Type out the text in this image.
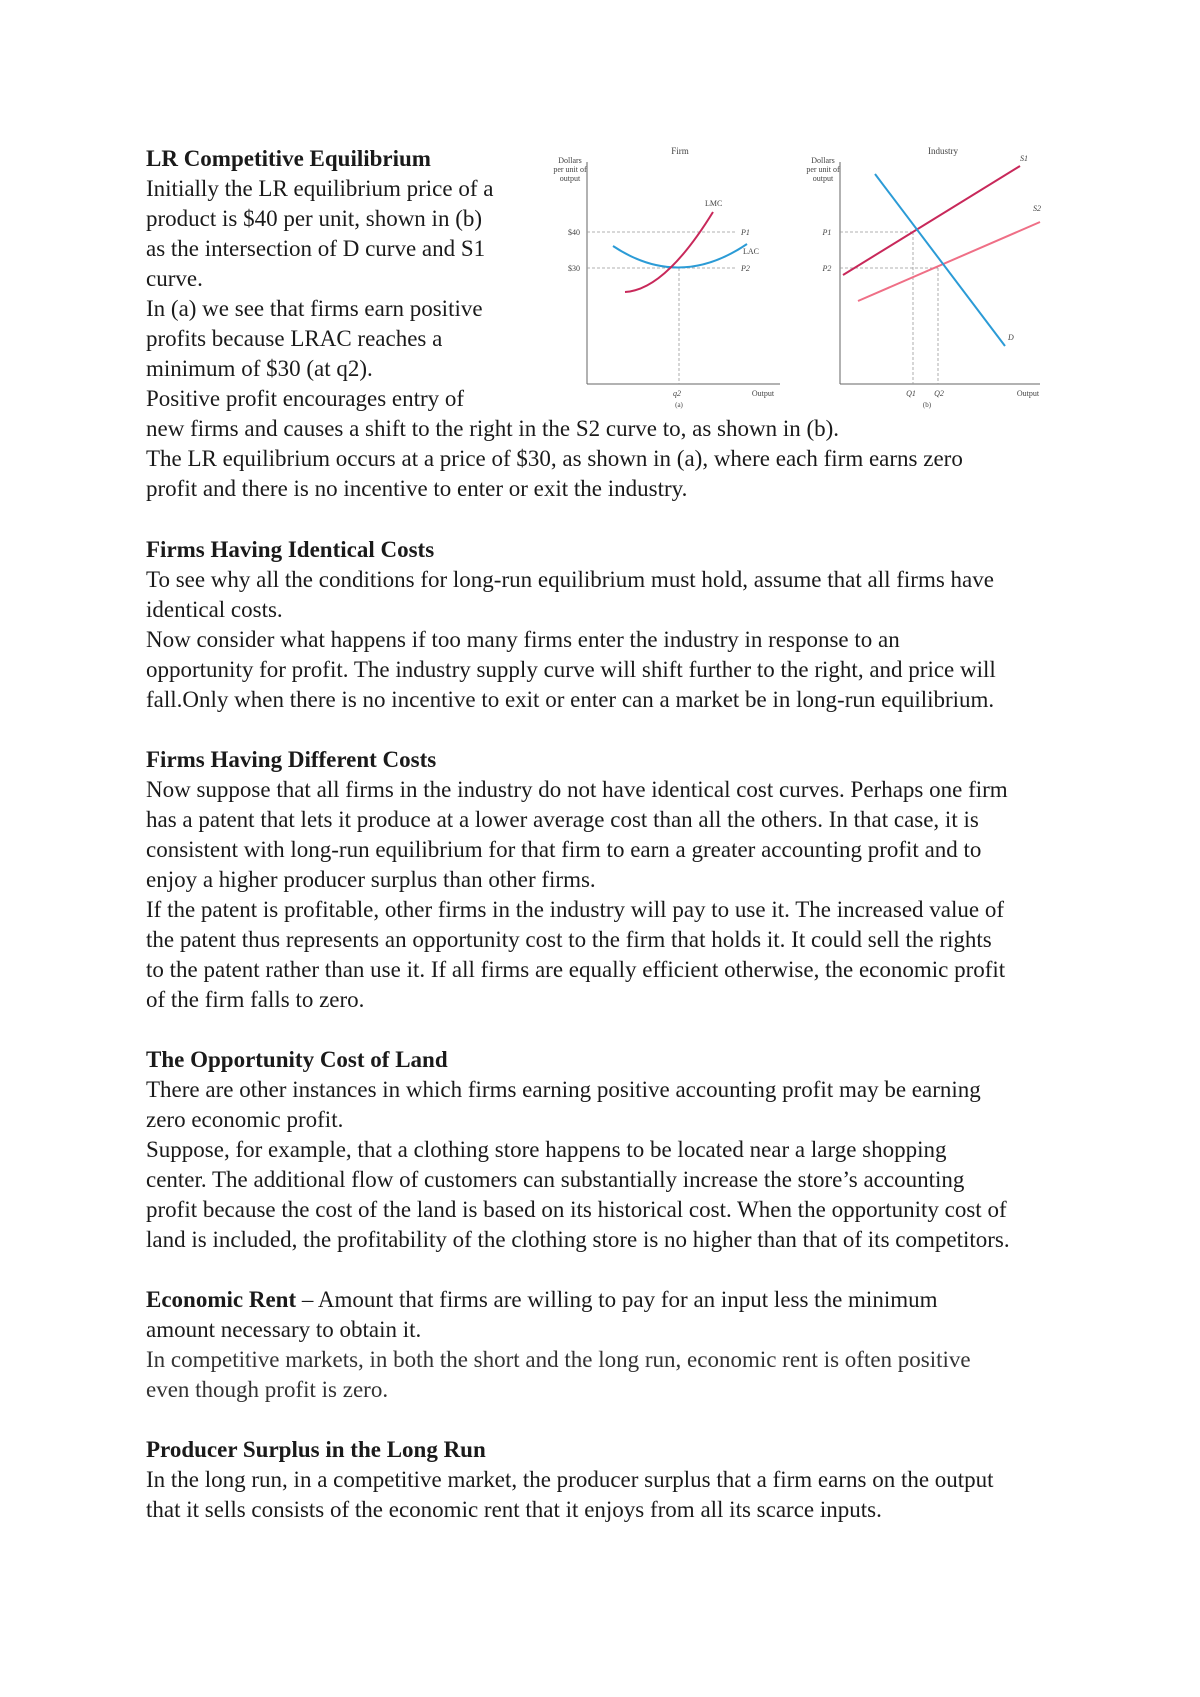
LR Competitive Equilibrium

Initially the LR equilibrium price of a

product is $40 per unit, shown in (b)

as the intersection of D curve and S1

curve.

In (a) we see that firms earn positive

profits because LRAC reaches a

minimum of $30 (at q2).

Positive profit encourages entry of

new firms and causes a shift to the right in the S2 curve to, as shown in (b).

The LR equilibrium occurs at a price of $30, as shown in (a), where each firm earns zero

profit and there is no incentive to enter or exit the industry.

Firm
Dollars
per unit of
output
$40
$30
LMC
LAC
P1
P2
q2	Output
(a)
Industry
Dollars
per unit of
output
P1
P2
S1
S2
D
Q1 Q2	Output
(b)
Firms Having Identical Costs

To see why all the conditions for long-run equilibrium must hold, assume that all firms have

identical costs.

Now consider what happens if too many firms enter the industry in response to an

opportunity for profit. The industry supply curve will shift further to the right, and price will

fall.Only when there is no incentive to exit or enter can a market be in long-run equilibrium.

Firms Having Different Costs

Now suppose that all firms in the industry do not have identical cost curves. Perhaps one firm

has a patent that lets it produce at a lower average cost than all the others. In that case, it is

consistent with long-run equilibrium for that firm to earn a greater accounting profit and to

enjoy a higher producer surplus than other firms.

If the patent is profitable, other firms in the industry will pay to use it. The increased value of

the patent thus represents an opportunity cost to the firm that holds it. It could sell the rights

to the patent rather than use it. If all firms are equally efficient otherwise, the economic profit

of the firm falls to zero.

The Opportunity Cost of Land

There are other instances in which firms earning positive accounting profit may be earning

zero economic profit.

Suppose, for example, that a clothing store happens to be located near a large shopping

center. The additional flow of customers can substantially increase the store’s accounting

profit because the cost of the land is based on its historical cost. When the opportunity cost of

land is included, the profitability of the clothing store is no higher than that of its competitors.

Economic Rent – Amount that firms are willing to pay for an input less the minimum

amount necessary to obtain it.

In competitive markets, in both the short and the long run, economic rent is often positive

even though profit is zero.

Producer Surplus in the Long Run

In the long run, in a competitive market, the producer surplus that a firm earns on the output

that it sells consists of the economic rent that it enjoys from all its scarce inputs.
